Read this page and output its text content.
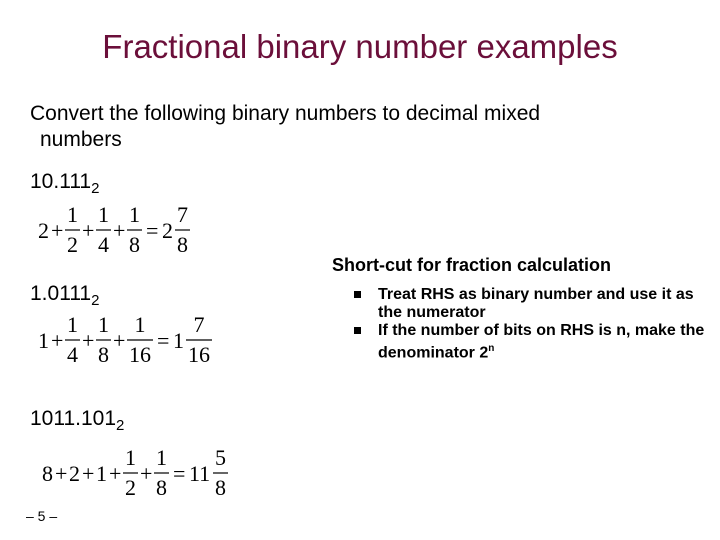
Fractional binary number examples
Convert the following binary numbers to decimal mixed
numbers
$10.111_2$
2 +
1
2
+
1
4
+
1
8
= 2
7
8
$1.0111_2$
1 +
1
4
+
1
8
+
1
16
= 1
7
16
$1011.101_2$
8 + 2 + 1 +
1
2
+
1
8
= 11
5
8
Short-cut for fraction calculation
Treat RHS as binary number and use it as the numerator
If the number of bits on RHS is n, make the denominator 2$^n$
– 5 –
